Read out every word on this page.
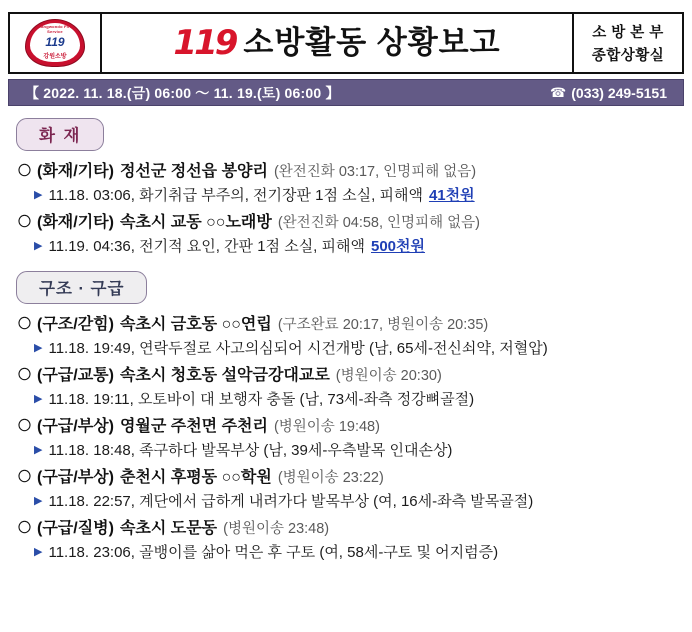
Gangwondo Fire Service
119
강원소방	119 소방활동 상황보고	소 방 본 부
종합상황실
【 2022. 11. 18.(금) 06:00 ～ 11. 19.(토) 06:00 】	☎ (033) 249-5151
화 재
〇 (화재/기타) 정선군 정선읍 봉양리 (완전진화 03:17, 인명피해 없음)
▶ 11.18. 03:06, 화기취급 부주의, 전기장판 1점 소실, 피해액 41천원
〇 (화재/기타) 속초시 교동 ○○노래방 (완전진화 04:58, 인명피해 없음)
▶ 11.19. 04:36, 전기적 요인, 간판 1점 소실, 피해액 500천원
구조 · 구급
〇 (구조/갇힘) 속초시 금호동 ○○연립 (구조완료 20:17, 병원이송 20:35)
▶ 11.18. 19:49, 연락두절로 사고의심되어 시건개방 (남, 65세-전신쇠약, 저혈압)
〇 (구급/교통) 속초시 청호동 설악금강대교로 (병원이송 20:30)
▶ 11.18. 19:11, 오토바이 대 보행자 충돌 (남, 73세-좌측 정강뼈골절)
〇 (구급/부상) 영월군 주천면 주천리 (병원이송 19:48)
▶ 11.18. 18:48, 족구하다 발목부상 (남, 39세-우측발목 인대손상)
〇 (구급/부상) 춘천시 후평동 ○○학원 (병원이송 23:22)
▶ 11.18. 22:57, 계단에서 급하게 내려가다 발목부상 (여, 16세-좌측 발목골절)
〇 (구급/질병) 속초시 도문동 (병원이송 23:48)
▶ 11.18. 23:06, 골뱅이를 삶아 먹은 후 구토 (여, 58세-구토 및 어지럼증)
